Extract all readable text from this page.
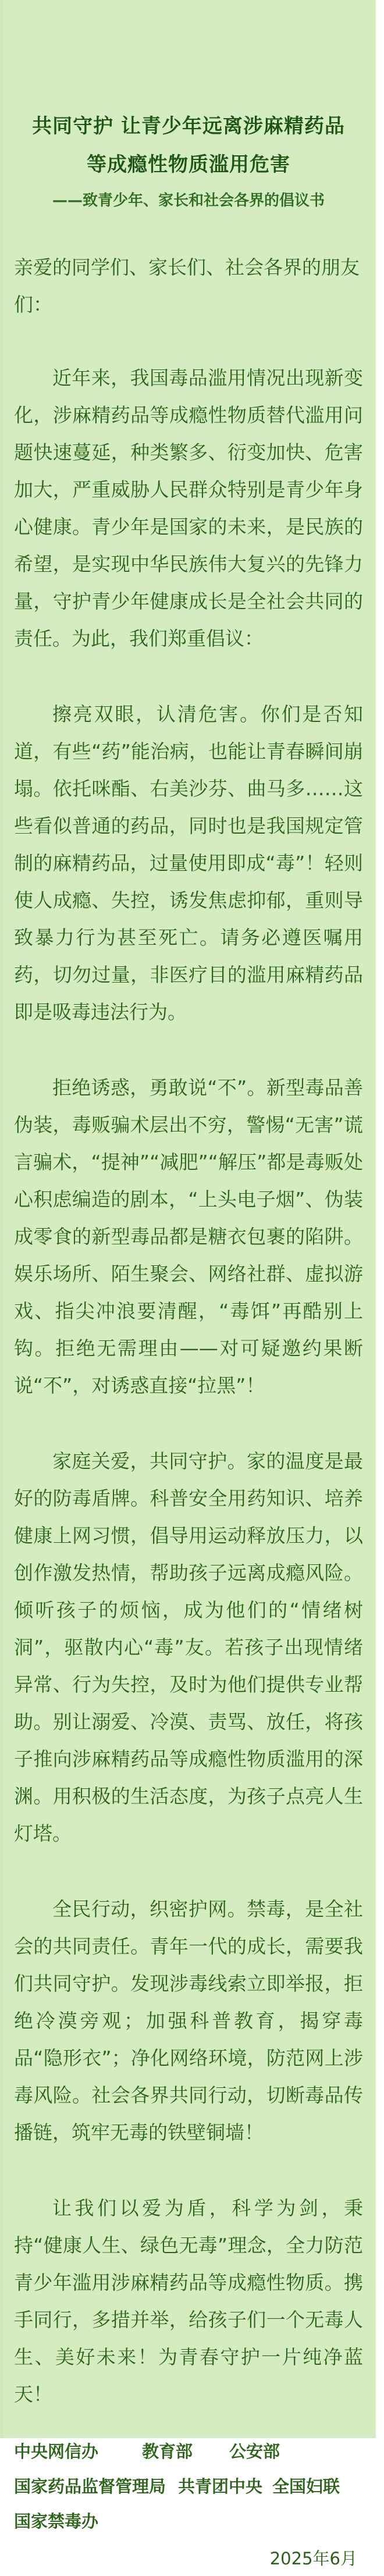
共同守护 让青少年远离涉麻精药品
等成瘾性物质滥用危害
——致青少年、家长和社会各界的倡议书
亲爱的同学们、家长们、社会各界的朋友们：
近年来，我国毒品滥用情况出现新变化，涉麻精药品等成瘾性物质替代滥用问题快速蔓延，种类繁多、衍变加快、危害加大，严重威胁人民群众特别是青少年身心健康。青少年是国家的未来，是民族的希望，是实现中华民族伟大复兴的先锋力量，守护青少年健康成长是全社会共同的责任。为此，我们郑重倡议：
擦亮双眼，认清危害。你们是否知道，有些“药”能治病，也能让青春瞬间崩塌。依托咪酯、右美沙芬、曲马多……这些看似普通的药品，同时也是我国规定管制的麻精药品，过量使用即成“毒”！轻则使人成瘾、失控，诱发焦虑抑郁，重则导致暴力行为甚至死亡。请务必遵医嘱用药，切勿过量，非医疗目的滥用麻精药品即是吸毒违法行为。
拒绝诱惑，勇敢说“不”。新型毒品善伪装，毒贩骗术层出不穷，警惕“无害”谎言骗术，“提神”“减肥”“解压”都是毒贩处心积虑编造的剧本，“上头电子烟”、伪装成零食的新型毒品都是糖衣包裹的陷阱。娱乐场所、陌生聚会、网络社群、虚拟游戏、指尖冲浪要清醒，“毒饵”再酷别上钩。拒绝无需理由——对可疑邀约果断说“不”，对诱惑直接“拉黑”！
家庭关爱，共同守护。家的温度是最好的防毒盾牌。科普安全用药知识、培养健康上网习惯，倡导用运动释放压力，以创作激发热情，帮助孩子远离成瘾风险。倾听孩子的烦恼，成为他们的“情绪树洞”，驱散内心“毒”友。若孩子出现情绪异常、行为失控，及时为他们提供专业帮助。别让溺爱、冷漠、责骂、放任，将孩子推向涉麻精药品等成瘾性物质滥用的深渊。用积极的生活态度，为孩子点亮人生灯塔。
全民行动，织密护网。禁毒，是全社会的共同责任。青年一代的成长，需要我们共同守护。发现涉毒线索立即举报，拒绝冷漠旁观；加强科普教育，揭穿毒品“隐形衣”；净化网络环境，防范网上涉毒风险。社会各界共同行动，切断毒品传播链，筑牢无毒的铁壁铜墙！
让我们以爱为盾，科学为剑，秉持“健康人生、绿色无毒”理念，全力防范青少年滥用涉麻精药品等成瘾性物质。携手同行，多措并举，给孩子们一个无毒人生、美好未来！为青春守护一片纯净蓝天！
中央网信办	教育部	公安部
国家药品监督管理局 共青团中央 全国妇联
国家禁毒办
2025年6月
